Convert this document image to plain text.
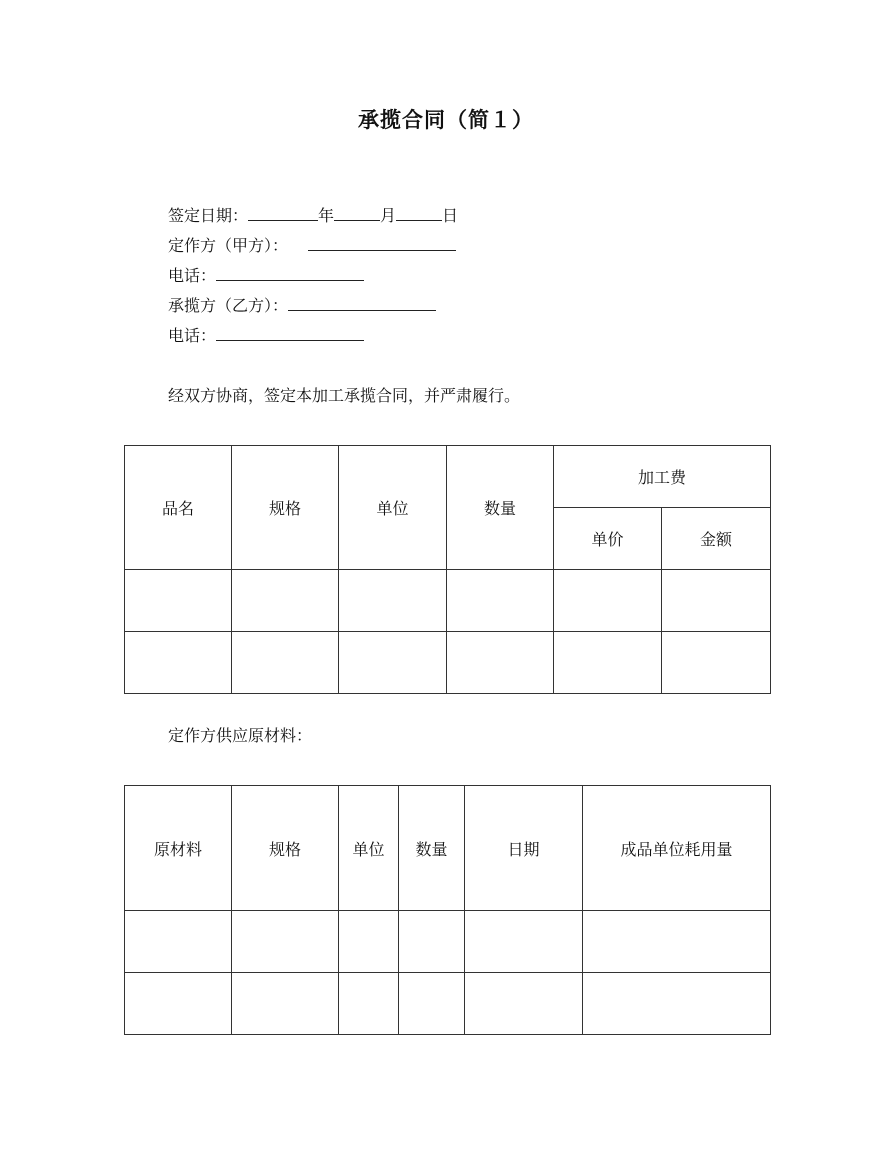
承揽合同（简１）
签定日期：	年	月	日
定作方（甲方）：
电话：
承揽方（乙方）：
电话：
经双方协商，签定本加工承揽合同，并严肃履行。
品名	规格	单位	数量	加工费	
				单价	金额

定作方供应原材料：
原材料	规格	单位	数量	日期	成品单位耗用量
